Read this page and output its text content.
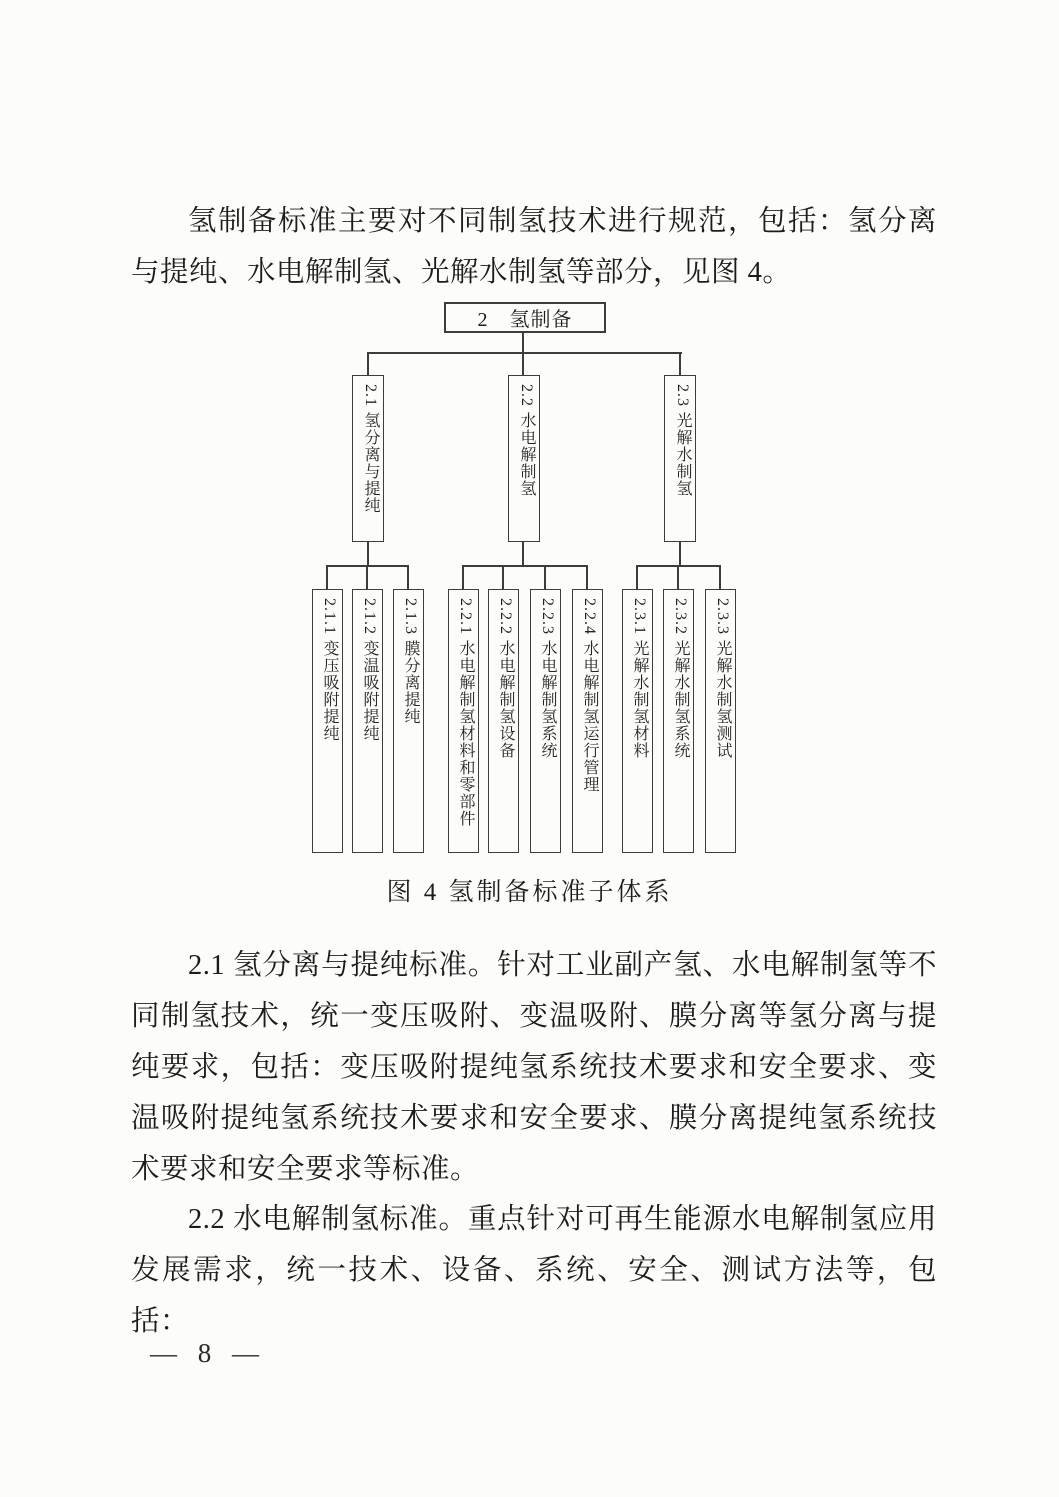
氢制备标准主要对不同制氢技术进行规范，包括：氢分离与提纯、水电解制氢、光解水制氢等部分，见图 4。

2　氢制备
2.1 氢分离与提纯	2.2 水电解制氢	2.3 光解水制氢
2.1.1 变压吸附提纯	2.1.2 变温吸附提纯	2.1.3 膜分离提纯	2.2.1 水电解制氢材料和零部件	2.2.2 水电解制氢设备	2.2.3 水电解制氢系统	2.2.4 水电解制氢运行管理	2.3.1 光解水制氢材料	2.3.2 光解水制氢系统	2.3.3 光解水制氢测试
图 4 氢制备标准子体系

2.1 氢分离与提纯标准。针对工业副产氢、水电解制氢等不同制氢技术，统一变压吸附、变温吸附、膜分离等氢分离与提纯要求，包括：变压吸附提纯氢系统技术要求和安全要求、变温吸附提纯氢系统技术要求和安全要求、膜分离提纯氢系统技术要求和安全要求等标准。

2.2 水电解制氢标准。重点针对可再生能源水电解制氢应用发展需求，统一技术、设备、系统、安全、测试方法等，包括：

— 8 —
